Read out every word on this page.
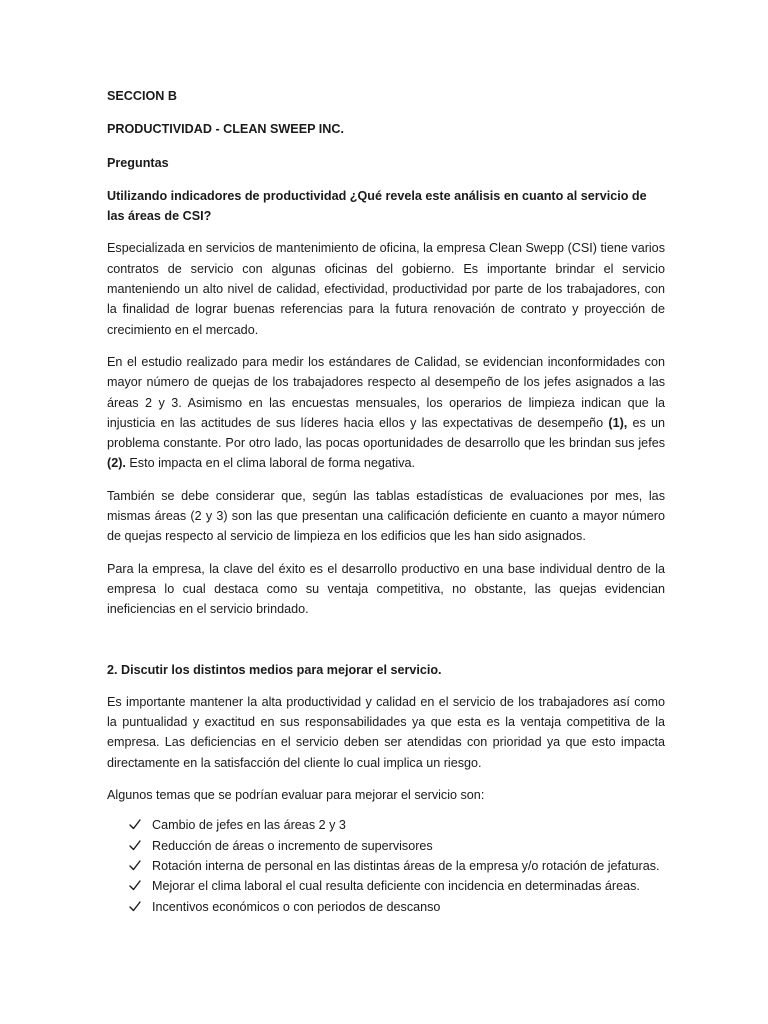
SECCION B

PRODUCTIVIDAD - CLEAN SWEEP INC.

Preguntas

Utilizando indicadores de productividad ¿Qué revela este análisis en cuanto al servicio de las áreas de CSI?

Especializada en servicios de mantenimiento de oficina, la empresa Clean Swepp (CSI) tiene varios contratos de servicio con algunas oficinas del gobierno. Es importante brindar el servicio manteniendo un alto nivel de calidad, efectividad, productividad por parte de los trabajadores, con la finalidad de lograr buenas referencias para la futura renovación de contrato y proyección de crecimiento en el mercado.

En el estudio realizado para medir los estándares de Calidad, se evidencian inconformidades con mayor número de quejas de los trabajadores respecto al desempeño de los jefes asignados a las áreas 2 y 3. Asimismo en las encuestas mensuales, los operarios de limpieza indican que la injusticia en las actitudes de sus líderes hacia ellos y las expectativas de desempeño (1), es un problema constante. Por otro lado, las pocas oportunidades de desarrollo que les brindan sus jefes (2). Esto impacta en el clima laboral de forma negativa.

También se debe considerar que, según las tablas estadísticas de evaluaciones por mes, las mismas áreas (2 y 3) son las que presentan una calificación deficiente en cuanto a mayor número de quejas respecto al servicio de limpieza en los edificios que les han sido asignados.

Para la empresa, la clave del éxito es el desarrollo productivo en una base individual dentro de la empresa lo cual destaca como su ventaja competitiva, no obstante, las quejas evidencian ineficiencias en el servicio brindado.

2. Discutir los distintos medios para mejorar el servicio.

Es importante mantener la alta productividad y calidad en el servicio de los trabajadores así como la puntualidad y exactitud en sus responsabilidades ya que esta es la ventaja competitiva de la empresa. Las deficiencias en el servicio deben ser atendidas con prioridad ya que esto impacta directamente en la satisfacción del cliente lo cual implica un riesgo.

Algunos temas que se podrían evaluar para mejorar el servicio son:

Cambio de jefes en las áreas 2 y 3
Reducción de áreas o incremento de supervisores
Rotación interna de personal en las distintas áreas de la empresa y/o rotación de jefaturas.
Mejorar el clima laboral el cual resulta deficiente con incidencia en determinadas áreas.
Incentivos económicos o con periodos de descanso
